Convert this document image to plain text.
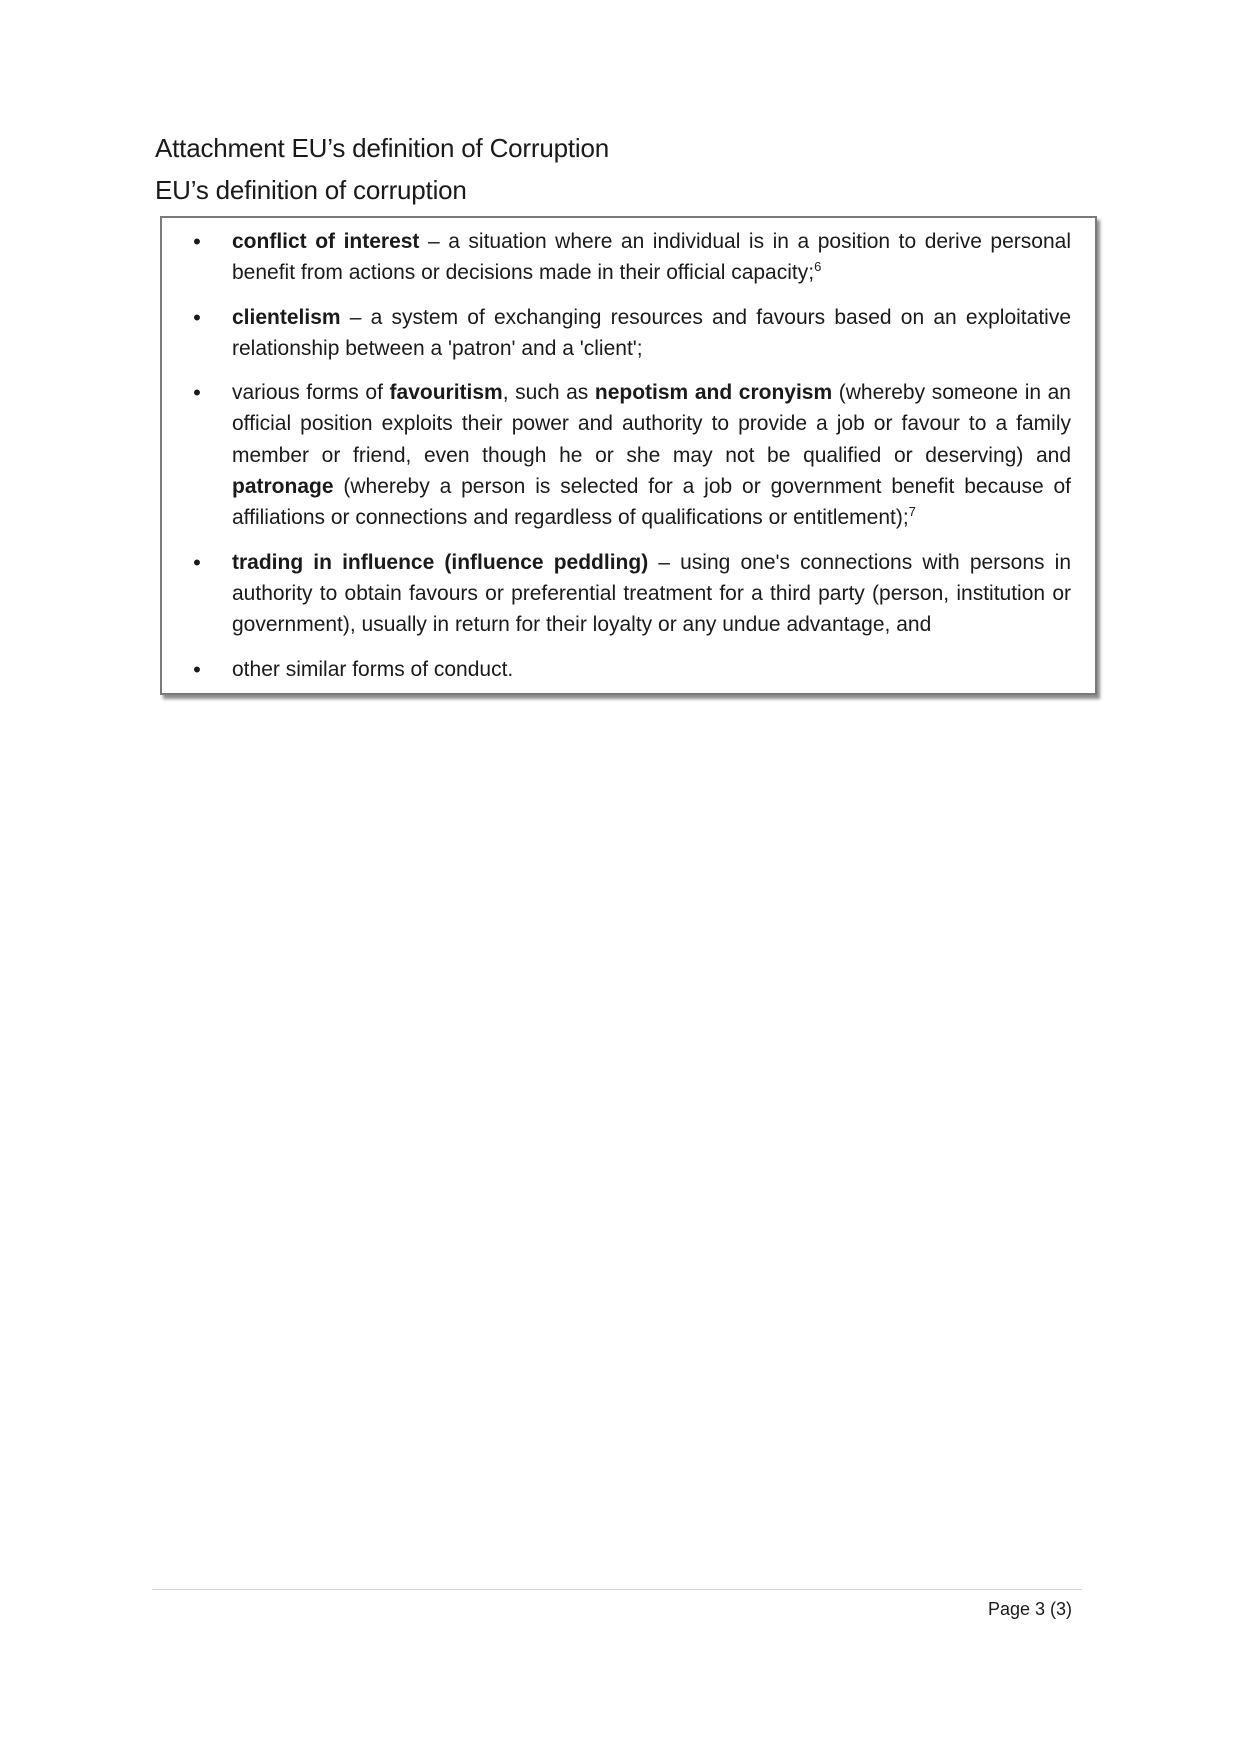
Attachment EU’s definition of Corruption
EU’s definition of corruption
• conflict of interest – a situation where an individual is in a position to derive personal benefit from actions or decisions made in their official capacity;$^6$
• clientelism – a system of exchanging resources and favours based on an exploitative relationship between a 'patron' and a 'client';
• various forms of favouritism, such as nepotism and cronyism (whereby someone in an official position exploits their power and authority to provide a job or favour to a family member or friend, even though he or she may not be qualified or deserving) and patronage (whereby a person is selected for a job or government benefit because of affiliations or connections and regardless of qualifications or entitlement);$^7$
• trading in influence (influence peddling) – using one's connections with persons in authority to obtain favours or preferential treatment for a third party (person, institution or government), usually in return for their loyalty or any undue advantage, and
• other similar forms of conduct.
Page 3 (3)
